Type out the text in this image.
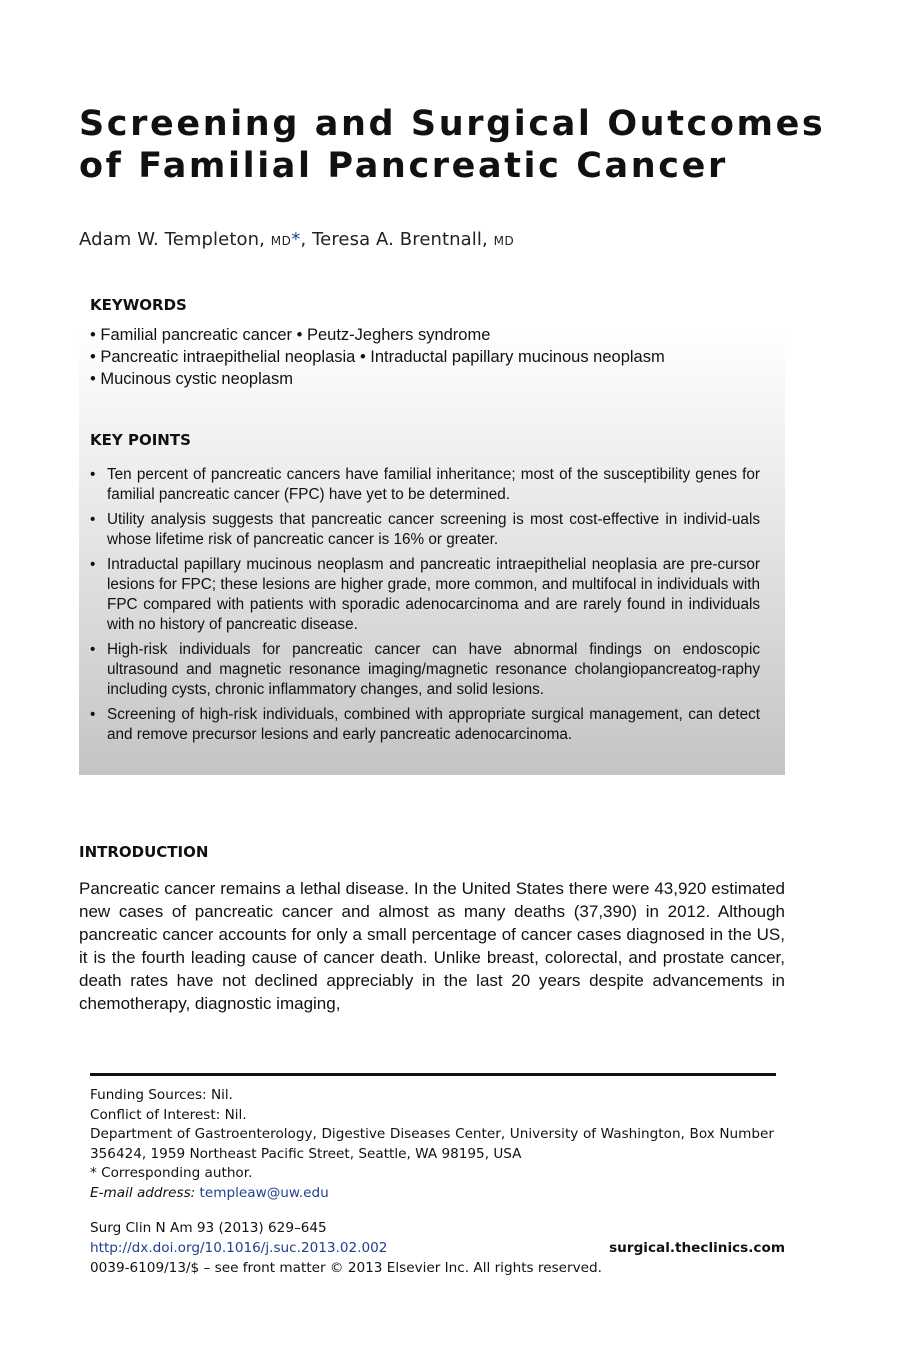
Screening and Surgical Outcomes
of Familial Pancreatic Cancer
Adam W. Templeton, MD*, Teresa A. Brentnall, MD
KEYWORDS
• Familial pancreatic cancer • Peutz-Jeghers syndrome
• Pancreatic intraepithelial neoplasia • Intraductal papillary mucinous neoplasm
• Mucinous cystic neoplasm
KEY POINTS
• Ten percent of pancreatic cancers have familial inheritance; most of the susceptibility genes for familial pancreatic cancer (FPC) have yet to be determined.
• Utility analysis suggests that pancreatic cancer screening is most cost-effective in individ-uals whose lifetime risk of pancreatic cancer is 16% or greater.
• Intraductal papillary mucinous neoplasm and pancreatic intraepithelial neoplasia are pre-cursor lesions for FPC; these lesions are higher grade, more common, and multifocal in individuals with FPC compared with patients with sporadic adenocarcinoma and are rarely found in individuals with no history of pancreatic disease.
• High-risk individuals for pancreatic cancer can have abnormal findings on endoscopic ultrasound and magnetic resonance imaging/magnetic resonance cholangiopancreatog-raphy including cysts, chronic inflammatory changes, and solid lesions.
• Screening of high-risk individuals, combined with appropriate surgical management, can detect and remove precursor lesions and early pancreatic adenocarcinoma.
INTRODUCTION

Pancreatic cancer remains a lethal disease. In the United States there were 43,920 estimated new cases of pancreatic cancer and almost as many deaths (37,390) in 2012. Although pancreatic cancer accounts for only a small percentage of cancer cases diagnosed in the US, it is the fourth leading cause of cancer death. Unlike breast, colorectal, and prostate cancer, death rates have not declined appreciably in the last 20 years despite advancements in chemotherapy, diagnostic imaging,

Funding Sources: Nil.

Conflict of Interest: Nil.

Department of Gastroenterology, Digestive Diseases Center, University of Washington, Box Number 356424, 1959 Northeast Pacific Street, Seattle, WA 98195, USA

* Corresponding author.

E-mail address: templeaw@uw.edu

Surg Clin N Am 93 (2013) 629–645

http://dx.doi.org/10.1016/j.suc.2013.02.002	surgical.theclinics.com

0039-6109/13/$ – see front matter © 2013 Elsevier Inc. All rights reserved.
